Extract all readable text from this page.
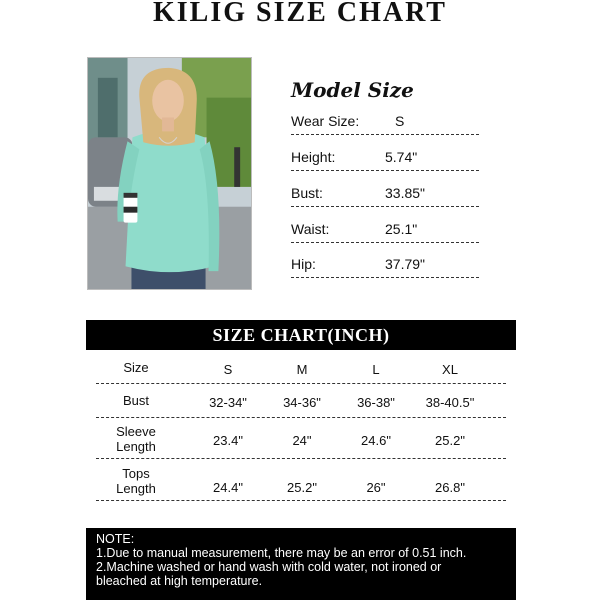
KILIG SIZE CHART
Model Size
Wear Size:	S
Height:	5.74"
Bust:	33.85"
Waist:	25.1"
Hip:	37.79"
SIZE CHART(INCH)
Size	S	M	L	XL
Bust	32-34"	34-36"	36-38"	38-40.5"
Sleeve
Length	23.4"	24"	24.6"	25.2"
Tops
Length	24.4"	25.2"	26"	26.8"
NOTE:
1.Due to manual measurement, there may be an error of 0.51 inch.
2.Machine washed or hand wash with cold water, not ironed or
bleached at high temperature.
